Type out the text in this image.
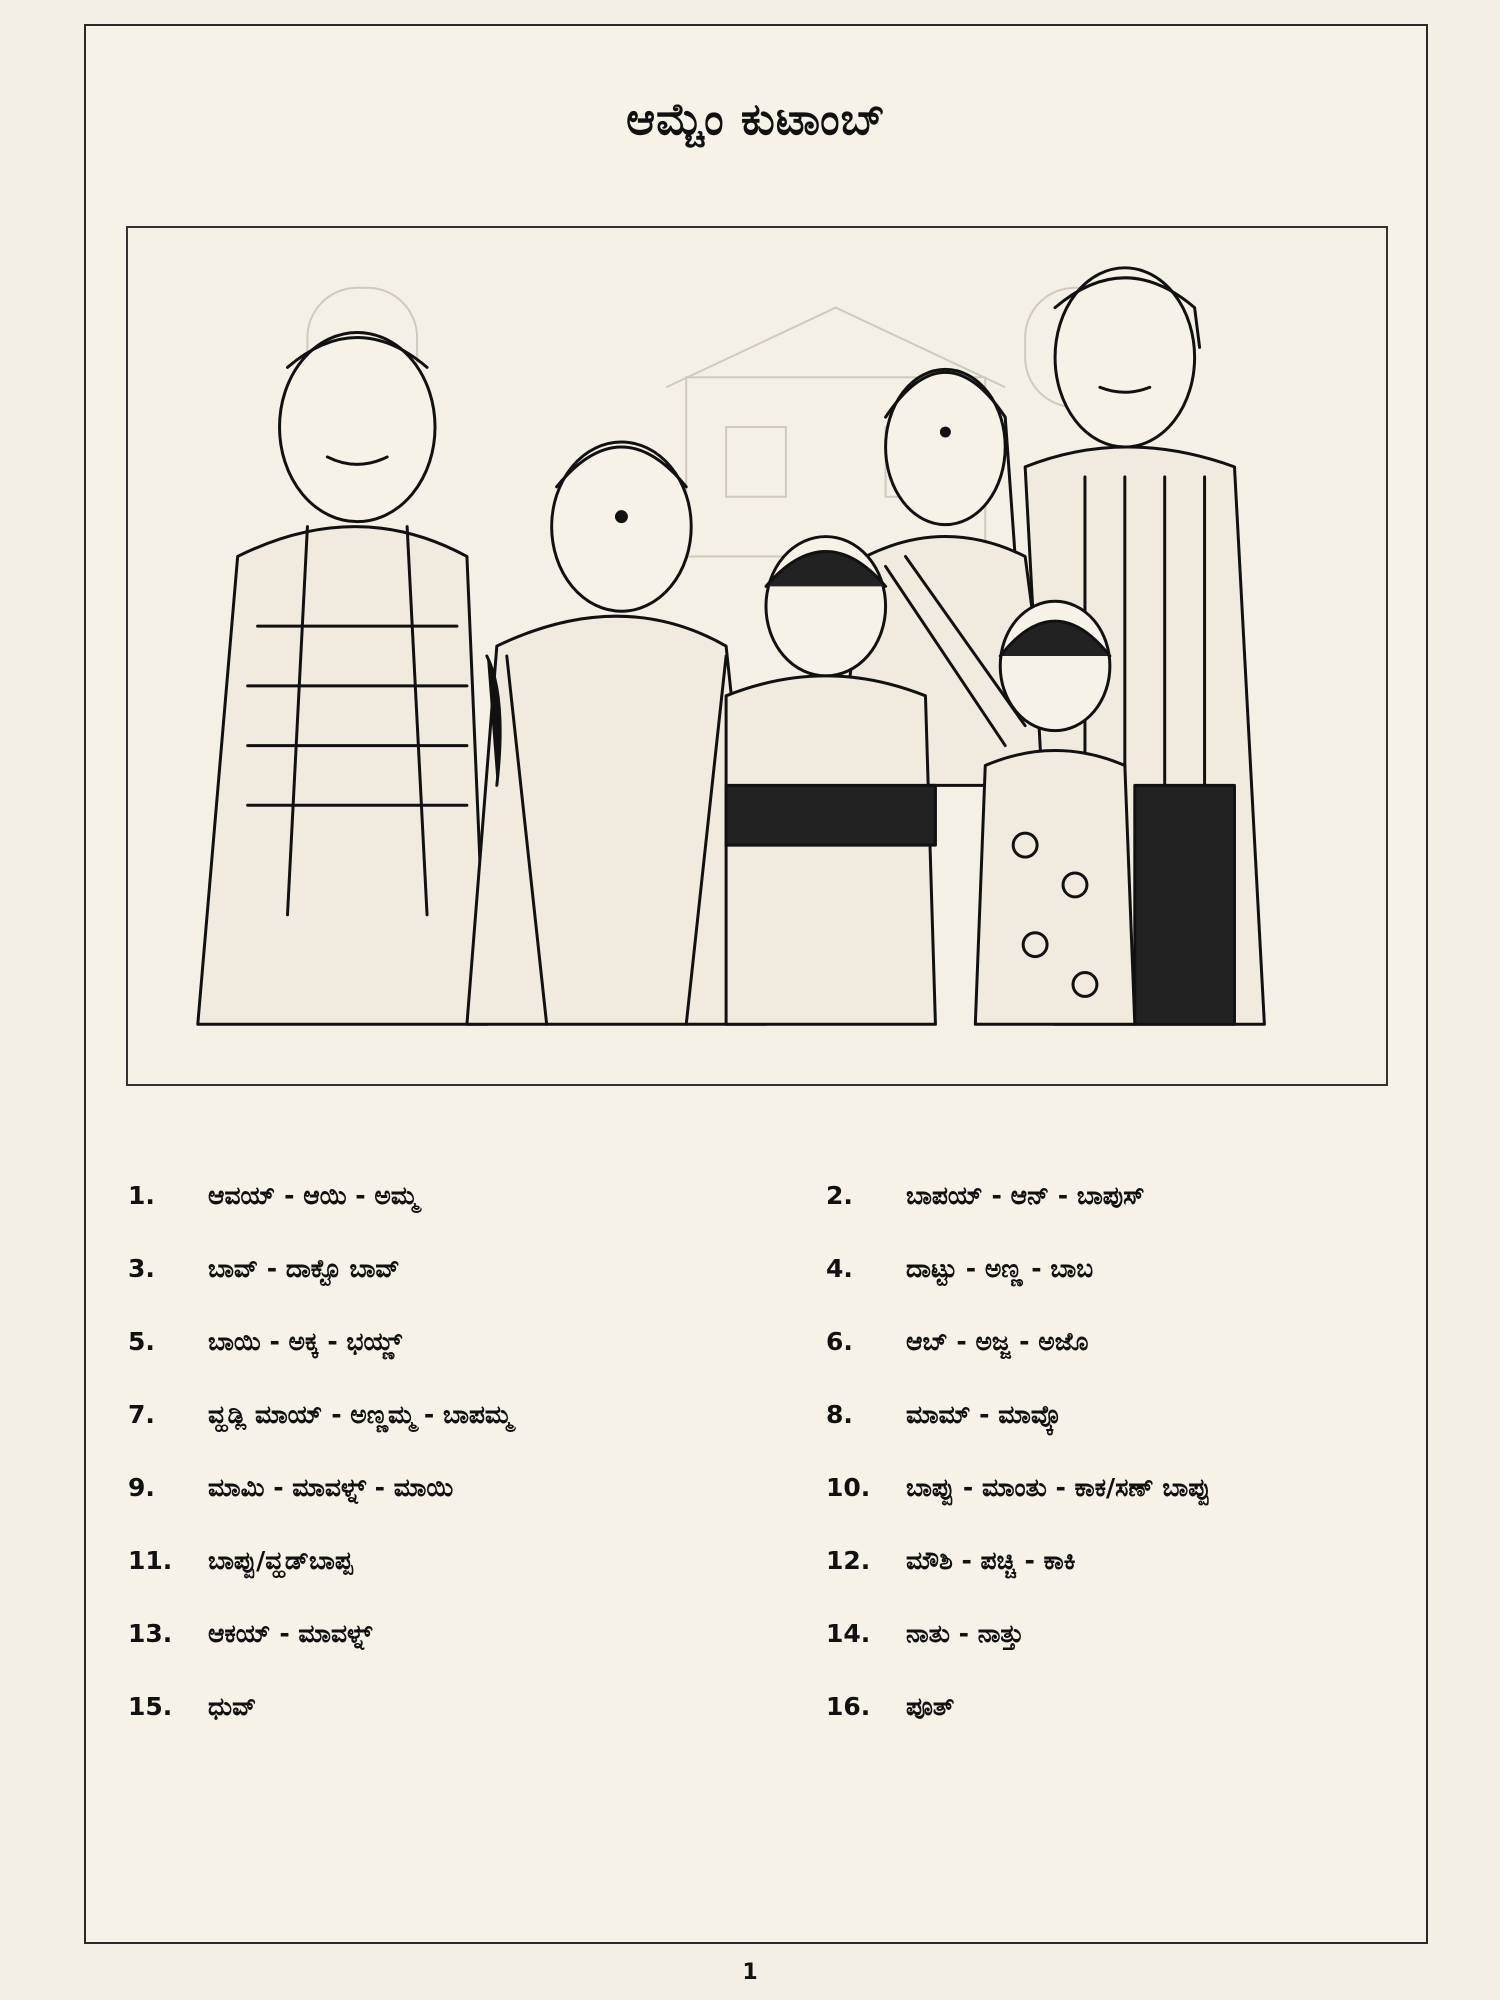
ಆಮ್ಚೆಂ ಕುಟಾಂಬ್
1. ಆವಯ್ - ಆಯಿ - ಅಮ್ಮ	2. ಬಾಪಯ್ - ಆನ್ - ಬಾಪುಸ್
3. ಬಾವ್ - ದಾಕ್ಟೊ ಬಾವ್	4. ದಾಟ್ಟು - ಅಣ್ಣ - ಬಾಬ
5. ಬಾಯಿ - ಅಕ್ಕ - ಭಯ್ಣ್	6. ಆಬ್ - ಅಜ್ಜ - ಅಜೊ
7. ವ್ಹಡ್ಲಿ ಮಾಯ್ - ಅಣ್ಣಮ್ಮ - ಬಾಪಮ್ಮ	8. ಮಾಮ್ - ಮಾವ್ಕೊ
9. ಮಾಮಿ - ಮಾವಳ್ನ್ - ಮಾಯಿ	10. ಬಾಪ್ಪು - ಮಾಂತು - ಕಾಕ/ಸಣ್ ಬಾಪ್ಪು
11. ಬಾಪ್ಪು/ವ್ಹಡ್‌ಬಾಪ್ಪ	12. ಮೌಶಿ - ಪಚ್ಚಿ - ಕಾಕಿ
13. ಆಕಯ್ - ಮಾವಳ್ನ್	14. ನಾತು - ನಾತ್ತು
15. ಧುವ್	16. ಪೂತ್
1
